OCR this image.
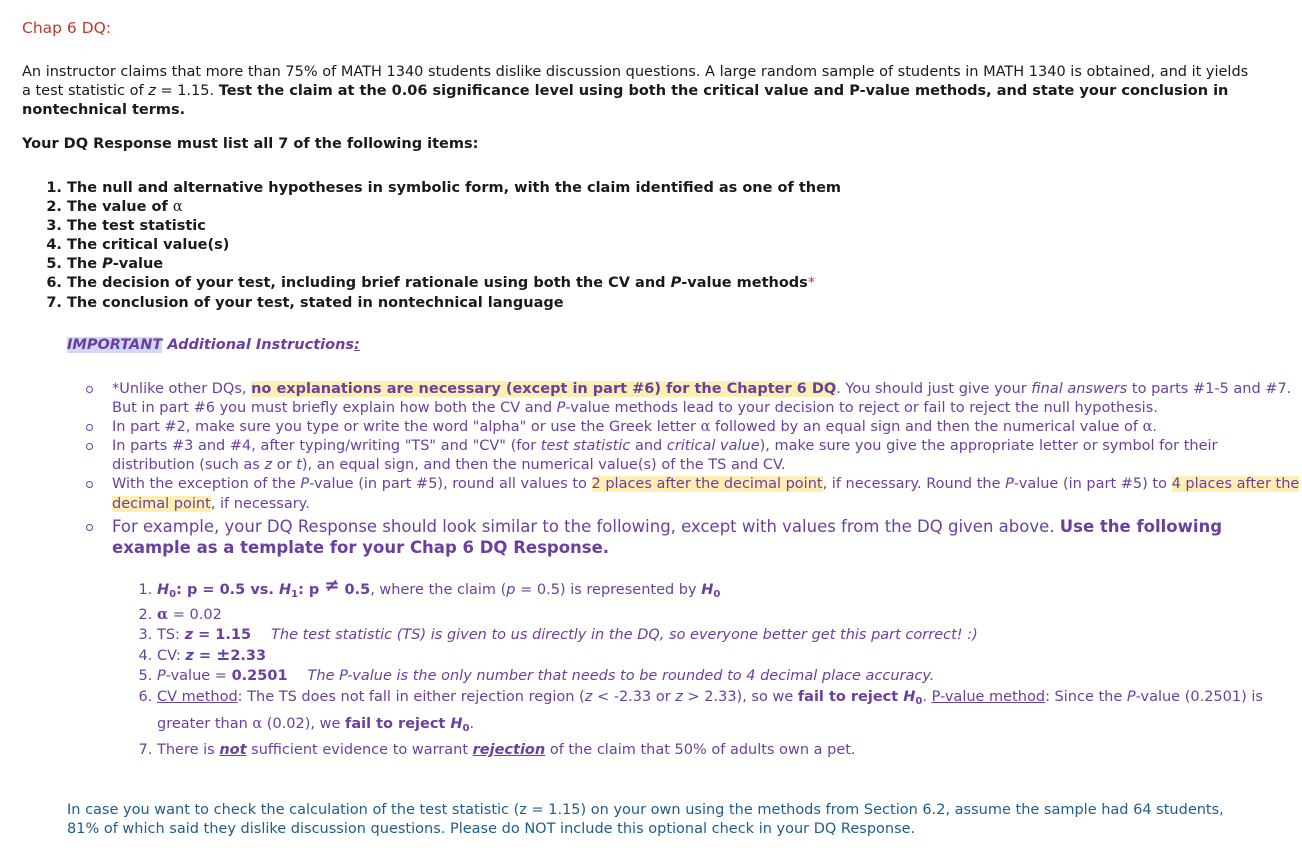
Chap 6 DQ:
An instructor claims that more than 75% of MATH 1340 students dislike discussion questions. A large random sample of students in MATH 1340 is obtained, and it yields a test statistic of z = 1.15. Test the claim at the 0.06 significance level using both the critical value and P-value methods, and state your conclusion in nontechnical terms.
Your DQ Response must list all 7 of the following items:
1. The null and alternative hypotheses in symbolic form, with the claim identified as one of them
2. The value of α
3. The test statistic
4. The critical value(s)
5. The P-value
6. The decision of your test, including brief rationale using both the CV and P-value methods*
7. The conclusion of your test, stated in nontechnical language
IMPORTANT Additional Instructions:
*Unlike other DQs, no explanations are necessary (except in part #6) for the Chapter 6 DQ. You should just give your final answers to parts #1-5 and #7. But in part #6 you must briefly explain how both the CV and P-value methods lead to your decision to reject or fail to reject the null hypothesis.
In part #2, make sure you type or write the word "alpha" or use the Greek letter α followed by an equal sign and then the numerical value of α.
In parts #3 and #4, after typing/writing "TS" and "CV" (for test statistic and critical value), make sure you give the appropriate letter or symbol for their distribution (such as z or t), an equal sign, and then the numerical value(s) of the TS and CV.
With the exception of the P-value (in part #5), round all values to 2 places after the decimal point, if necessary. Round the P-value (in part #5) to 4 places after the decimal point, if necessary.
For example, your DQ Response should look similar to the following, except with values from the DQ given above. Use the following example as a template for your Chap 6 DQ Response.
1. $H_0$: p = 0.5 vs. $H_1$: p ≠ 0.5, where the claim (p = 0.5) is represented by $H_0$
2. α = 0.02
3. TS: z = 1.15 The test statistic (TS) is given to us directly in the DQ, so everyone better get this part correct! :)
4. CV: z = ±2.33
5. P-value = 0.2501 The P-value is the only number that needs to be rounded to 4 decimal place accuracy.
6. CV method: The TS does not fall in either rejection region (z < -2.33 or z > 2.33), so we fail to reject $H_0$. P-value method: Since the P-value (0.2501) is greater than α (0.02), we fail to reject $H_0$.
7. There is not sufficient evidence to warrant rejection of the claim that 50% of adults own a pet.
In case you want to check the calculation of the test statistic (z = 1.15) on your own using the methods from Section 6.2, assume the sample had 64 students, 81% of which said they dislike discussion questions. Please do NOT include this optional check in your DQ Response.
